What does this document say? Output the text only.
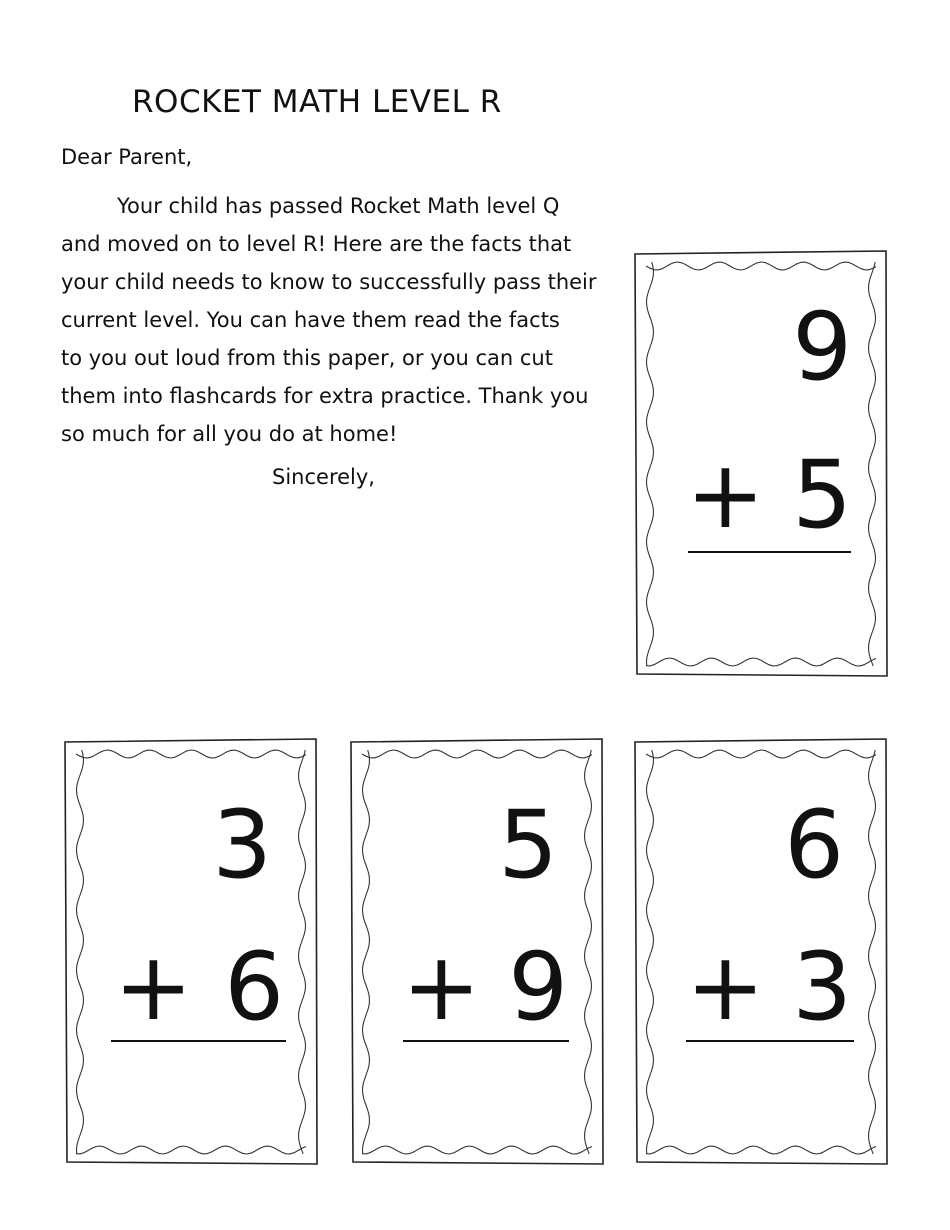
ROCKET MATH LEVEL R

Dear Parent,

Your child has passed Rocket Math level Q
and moved on to level R! Here are the facts that
your child needs to know to successfully pass their
current level. You can have them read the facts
to you out loud from this paper, or you can cut
them into flashcards for extra practice. Thank you
so much for all you do at home!

Sincerely,

9
+ 5
3
+ 6
5
+ 9
6
+ 3
